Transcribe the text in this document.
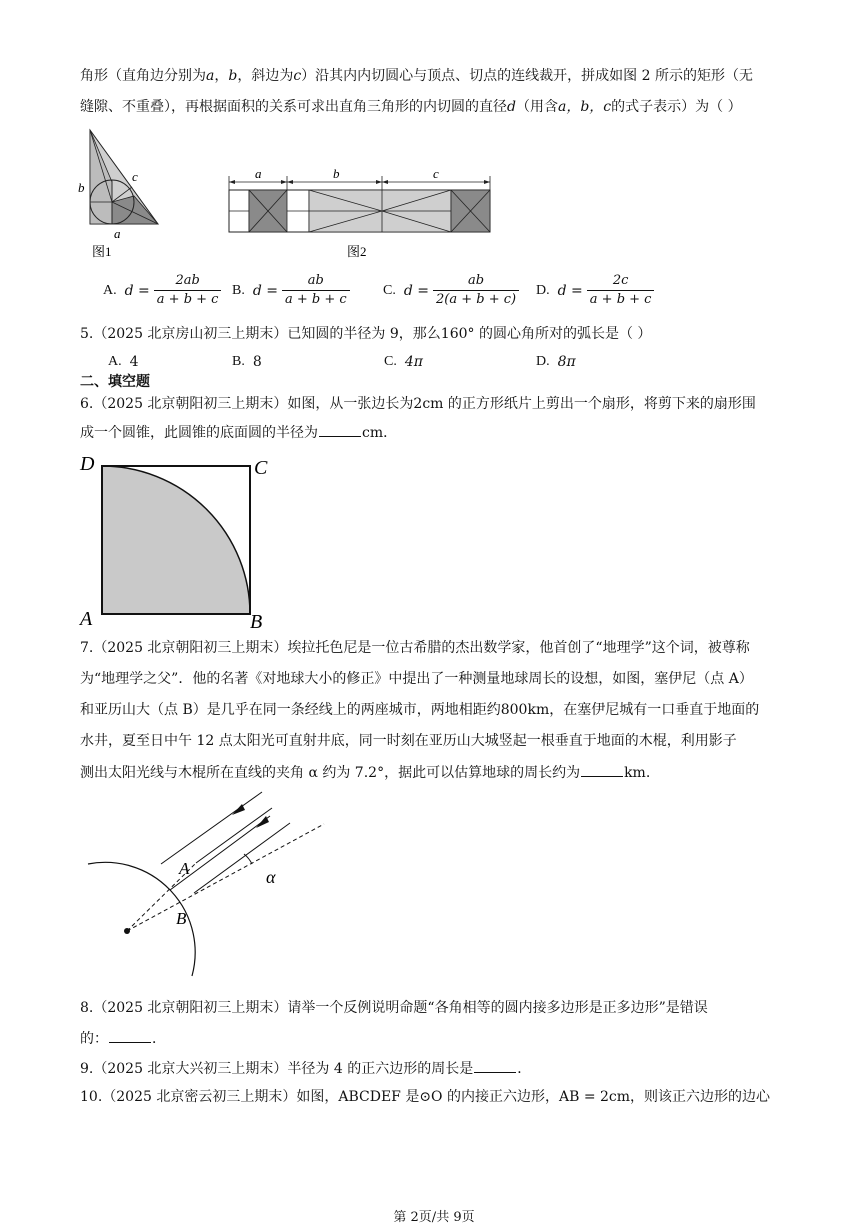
角形（直角边分别为a，b，斜边为c）沿其内内切圆心与顶点、切点的连线裁开，拼成如图 2 所示的矩形（无
缝隙、不重叠），再根据面积的关系可求出直角三角形的内切圆的直径d（用含a，b，c的式子表示）为（ ）
b
c
a
图1
a	b	c
图2
A. $d = \frac{2ab}{a + b + c} B$. $d = \frac{ab}{a + b + c} C$. $d = \frac{ab}{2(a + b + c)} D$. $d = \frac{2c}{a + b + c}$
5.（2025 北京房山初三上期末）已知圆的半径为 9，那么160° 的圆心角所对的弧长是（ ）
A. 4	B. 8	C. 4π	D. 8π
二、填空题
6.（2025 北京朝阳初三上期末）如图，从一张边长为2cm 的正方形纸片上剪出一个扇形，将剪下来的扇形围
成一个圆锥，此圆锥的底面圆的半径为	cm．
D	C
A	B
7.（2025 北京朝阳初三上期末）埃拉托色尼是一位古希腊的杰出数学家，他首创了“地理学”这个词，被尊称
为“地理学之父”．他的名著《对地球大小的修正》中提出了一种测量地球周长的设想，如图，塞伊尼（点 A）
和亚历山大（点 B）是几乎在同一条经线上的两座城市，两地相距约800km，在塞伊尼城有一口垂直于地面的
水井，夏至日中午 12 点太阳光可直射井底，同一时刻在亚历山大城竖起一根垂直于地面的木棍，利用影子
测出太阳光线与木棍所在直线的夹角 α 约为 7.2°，据此可以估算地球的周长约为	km.
A
B
α
8.（2025 北京朝阳初三上期末）请举一个反例说明命题“各角相等的圆内接多边形是正多边形”是错误
的：	．
9.（2025 北京大兴初三上期末）半径为 4 的正六边形的周长是	．
10.（2025 北京密云初三上期末）如图，ABCDEF 是⊙O 的内接正六边形，AB = 2cm，则该正六边形的边心
第 2页/共 9页
